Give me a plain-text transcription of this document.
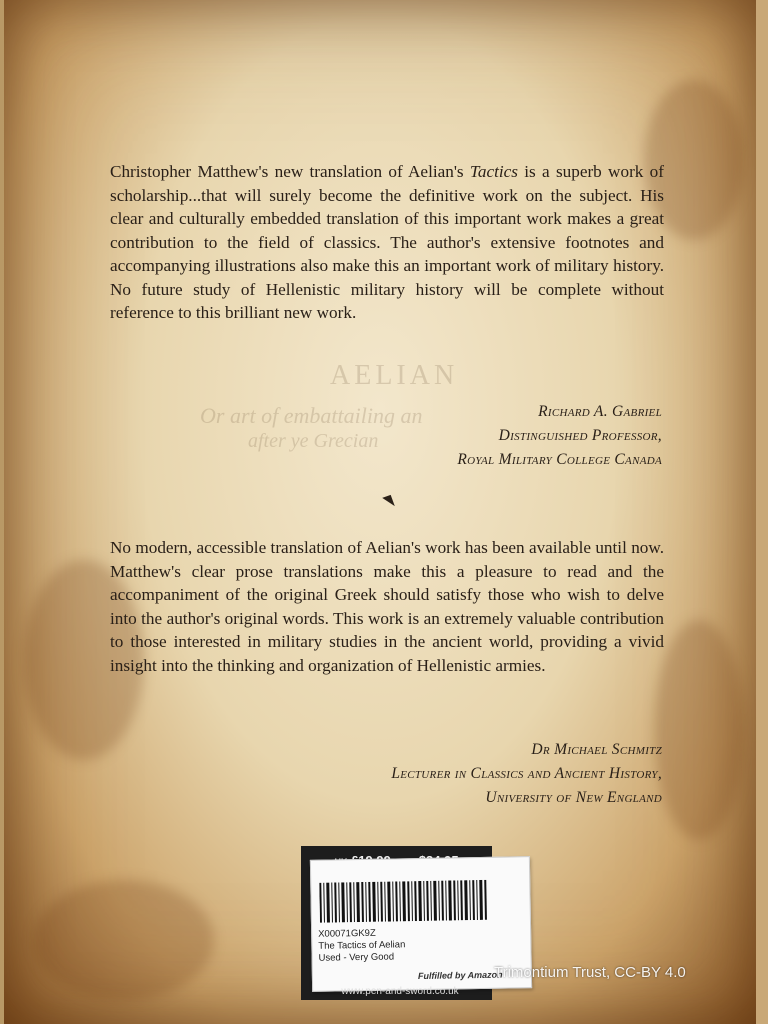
AELIAN
Or art of embattailing an
after ye Grecian
Christopher Matthew's new translation of Aelian's Tactics is a superb work of scholarship...that will surely become the definitive work on the subject. His clear and culturally embedded translation of this important work makes a great contribution to the field of classics. The author's extensive footnotes and accompanying illustrations also make this an important work of military history. No future study of Hellenistic military history will be complete without reference to this brilliant new work.
Richard A. Gabriel
Distinguished Professor,
Royal Military College Canada
No modern, accessible translation of Aelian's work has been available until now. Matthew's clear prose translations make this a pleasure to read and the accompaniment of the original Greek should satisfy those who wish to delve into the author's original words. This work is an extremely valuable contribution to those interested in military studies in the ancient world, providing a vivid insight into the thinking and organization of Hellenistic armies.
Dr Michael Schmitz
Lecturer in Classics and Ancient History,
University of New England
X00071GK9Z
The Tactics of Aelian
Used - Very Good
Fulfilled by Amazon
www.pen-and-sword.co.uk
Trimontium Trust, CC-BY 4.0
